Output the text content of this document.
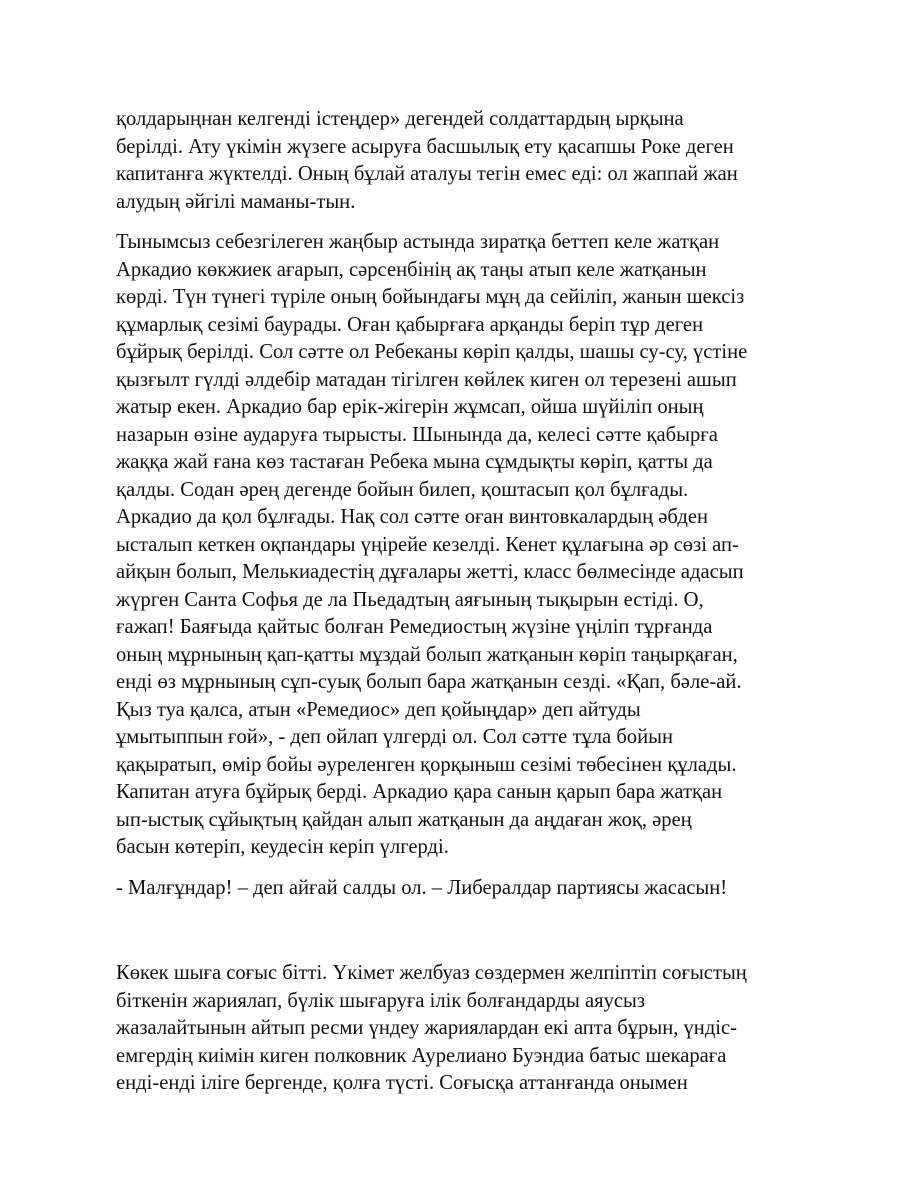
қолдарыңнан келгенді істеңдер» дегендей солдаттардың ырқына
берілді. Ату үкімін жүзеге асыруға басшылық ету қасапшы Роке деген
капитанға жүктелді. Оның бұлай аталуы тегін емес еді: ол жаппай жан
алудың әйгілі маманы-тын.
Тынымсыз себезгілеген жаңбыр астында зиратқа беттеп келе жатқан
Аркадио көкжиек ағарып, сәрсенбінің ақ таңы атып келе жатқанын
көрді. Түн түнегі түріле оның бойындағы мұң да сейіліп, жанын шексіз
құмарлық сезімі баурады. Оған қабырғаға арқанды беріп тұр деген
бұйрық берілді. Сол сәтте ол Ребеканы көріп қалды, шашы су-су, үстіне
қызғылт гүлді әлдебір матадан тігілген көйлек киген ол терезені ашып
жатыр екен. Аркадио бар ерік-жігерін жұмсап, ойша шүйіліп оның
назарын өзіне аударуға тырысты. Шынында да, келесі сәтте қабырға
жаққа жай ғана көз тастаған Ребека мына сұмдықты көріп, қатты да
қалды. Содан әрең дегенде бойын билеп, қоштасып қол бұлғады.
Аркадио да қол бұлғады. Нақ сол сәтте оған винтовкалардың әбден
ысталып кеткен оқпандары үңірейе кезелді. Кенет құлағына әр сөзі ап-
айқын болып, Мелькиадестің дұғалары жетті, класс бөлмесінде адасып
жүрген Санта Софья де ла Пьедадтың аяғының тықырын естіді. О,
ғажап! Баяғыда қайтыс болған Ремедиостың жүзіне үңіліп тұрғанда
оның мұрнының қап-қатты мұздай болып жатқанын көріп таңырқаған,
енді өз мұрнының сұп-суық болып бара жатқанын сезді. «Қап, бәле-ай.
Қыз туа қалса, атын «Ремедиос» деп қойыңдар» деп айтуды
ұмытыппын ғой», - деп ойлап үлгерді ол. Сол сәтте тұла бойын
қақыратып, өмір бойы әуреленген қорқыныш сезімі төбесінен құлады.
Капитан атуға бұйрық берді. Аркадио қара санын қарып бара жатқан
ып-ыстық сұйықтың қайдан алып жатқанын да аңдаған жоқ, әрең
басын көтеріп, кеудесін керіп үлгерді.
- Малғұндар! – деп айғай салды ол. – Либералдар партиясы жасасын!
Көкек шыға соғыс бітті. Үкімет желбуаз сөздермен желпіптіп соғыстың
біткенін жариялап, бүлік шығаруға ілік болғандарды аяусыз
жазалайтынын айтып ресми үндеу жариялардан екі апта бұрын, үндіс-
емгердің киімін киген полковник Аурелиано Буэндиа батыс шекараға
енді-енді іліге бергенде, қолға түсті. Соғысқа аттанғанда онымен
